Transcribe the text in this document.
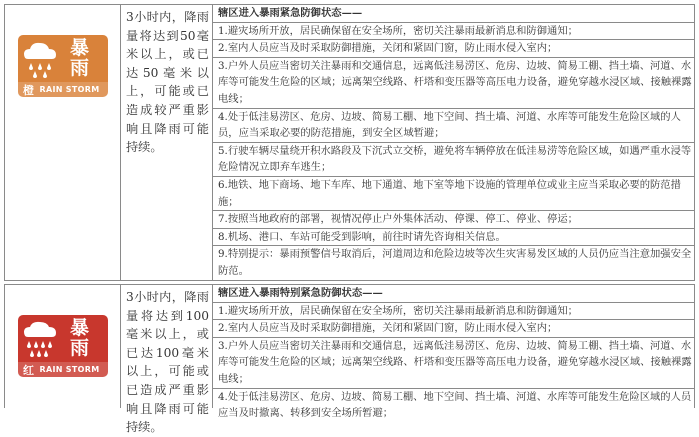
暴
雨
橙 RAIN STORM
3小时内，降雨量将达到50毫米以上，或已达50毫米以上，可能或已造成较严重影响且降雨可能持续。
辖区进入暴雨紧急防御状态——
1.避灾场所开放，居民确保留在安全场所，密切关注暴雨最新消息和防御通知；
2.室内人员应当及时采取防御措施，关闭和紧固门窗，防止雨水侵入室内；
3.户外人员应当密切关注暴雨和交通信息，远离低洼易涝区、危房、边坡、简易工棚、挡土墙、河道、水库等可能发生危险的区域；远离架空线路、杆塔和变压器等高压电力设备，避免穿越水浸区域、接触裸露电线；
4.处于低洼易涝区、危房、边坡、简易工棚、地下空间、挡土墙、河道、水库等可能发生危险区域的人员，应当采取必要的防范措施，到安全区域暂避；
5.行驶车辆尽量绕开积水路段及下沉式立交桥，避免将车辆停放在低洼易涝等危险区域，如遇严重水浸等危险情况立即弃车逃生；
6.地铁、地下商场、地下车库、地下通道、地下室等地下设施的管理单位或业主应当采取必要的防范措施；
7.按照当地政府的部署，视情况停止户外集体活动、停课、停工、停业、停运；
8.机场、港口、车站可能受到影响，前往时请先咨询相关信息。
9.特别提示：暴雨预警信号取消后，河道周边和危险边坡等次生灾害易发区域的人员仍应当注意加强安全防范。
暴
雨
红 RAIN STORM
3小时内，降雨量将达到100毫米以上，或已达100毫米以上，可能或已造成严重影响且降雨可能持续。
辖区进入暴雨特别紧急防御状态——
1.避灾场所开放，居民确保留在安全场所，密切关注暴雨最新消息和防御通知；
2.室内人员应当及时采取防御措施，关闭和紧固门窗，防止雨水侵入室内；
3.户外人员应当密切关注暴雨和交通信息，远离低洼易涝区、危房、边坡、简易工棚、挡土墙、河道、水库等可能发生危险的区域；远离架空线路、杆塔和变压器等高压电力设备，避免穿越水浸区域、接触裸露电线；
4.处于低洼易涝区、危房、边坡、简易工棚、地下空间、挡土墙、河道、水库等可能发生危险区域的人员应当及时撤离、转移到安全场所暂避；
